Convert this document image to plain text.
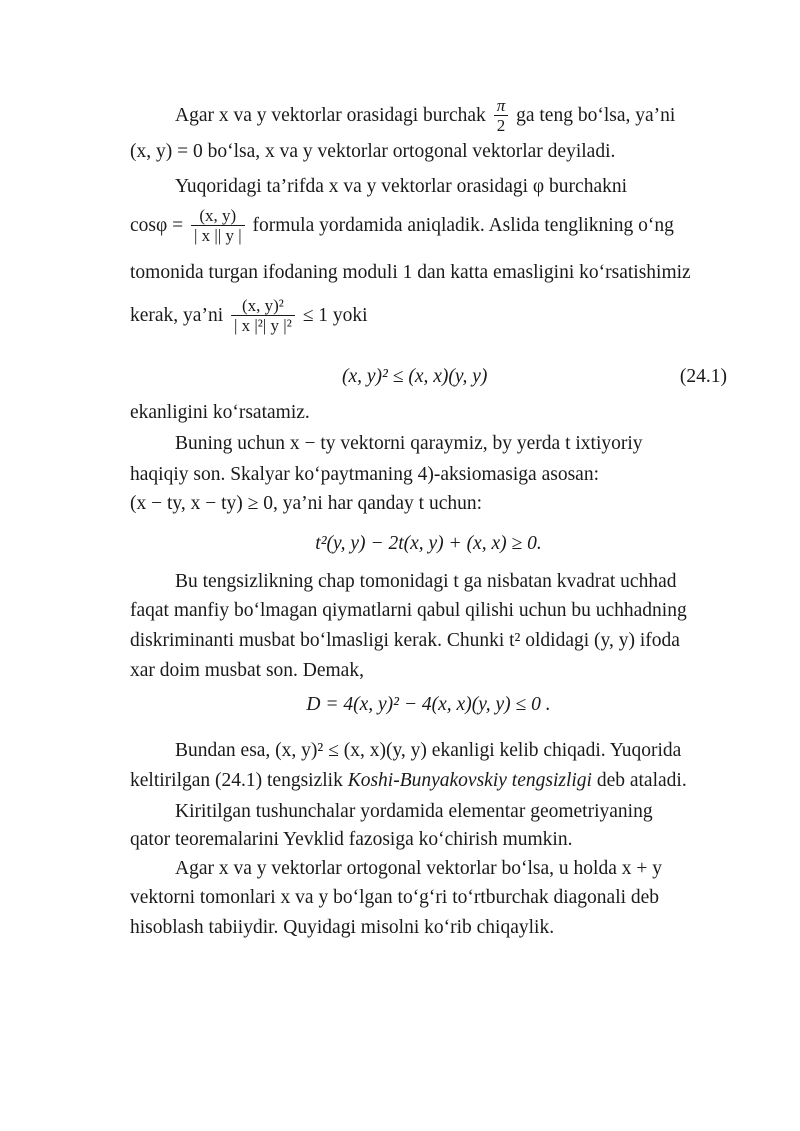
Agar x va y vektorlar orasidagi burchak $\frac{\pi}{2}$ ga teng bo‘lsa, ya’ni
(x, y) = 0 bo‘lsa, x va y vektorlar ortogonal vektorlar deyiladi.
Yuqoridagi ta’rifda x va y vektorlar orasidagi φ burchakni
$\cos\varphi = \frac{(x, y)}{| x || y |}$ formula yordamida aniqladik. Aslida tenglikning o‘ng
tomonida turgan ifodaning moduli 1 dan katta emasligini ko‘rsatishimiz
kerak, ya’ni $\frac{\text{(x, y)²}}{\text{| x |²| y |²}} \le 1$ yoki
(x, y)² ≤ (x, x)(y, y)	(24.1)
ekanligini ko‘rsatamiz.
Buning uchun x − ty vektorni qaraymiz, by yerda t ixtiyoriy
haqiqiy son. Skalyar ko‘paytmaning 4)-aksiomasiga asosan:
(x − ty, x − ty) ≥ 0, ya’ni har qanday t uchun:
t²(y, y) − 2t(x, y) + (x, x) ≥ 0.
Bu tengsizlikning chap tomonidagi t ga nisbatan kvadrat uchhad
faqat manfiy bo‘lmagan qiymatlarni qabul qilishi uchun bu uchhadning
diskriminanti musbat bo‘lmasligi kerak. Chunki t² oldidagi (y, y) ifoda
xar doim musbat son. Demak,
D = 4(x, y)² − 4(x, x)(y, y) ≤ 0 .
Bundan esa, (x, y)² ≤ (x, x)(y, y) ekanligi kelib chiqadi. Yuqorida
keltirilgan (24.1) tengsizlik Koshi-Bunyakovskiy tengsizligi deb ataladi.
Kiritilgan tushunchalar yordamida elementar geometriyaning
qator teoremalarini Yevklid fazosiga ko‘chirish mumkin.
Agar x va y vektorlar ortogonal vektorlar bo‘lsa, u holda x + y
vektorni tomonlari x va y bo‘lgan to‘g‘ri to‘rtburchak diagonali deb
hisoblash tabiiydir. Quyidagi misolni ko‘rib chiqaylik.
